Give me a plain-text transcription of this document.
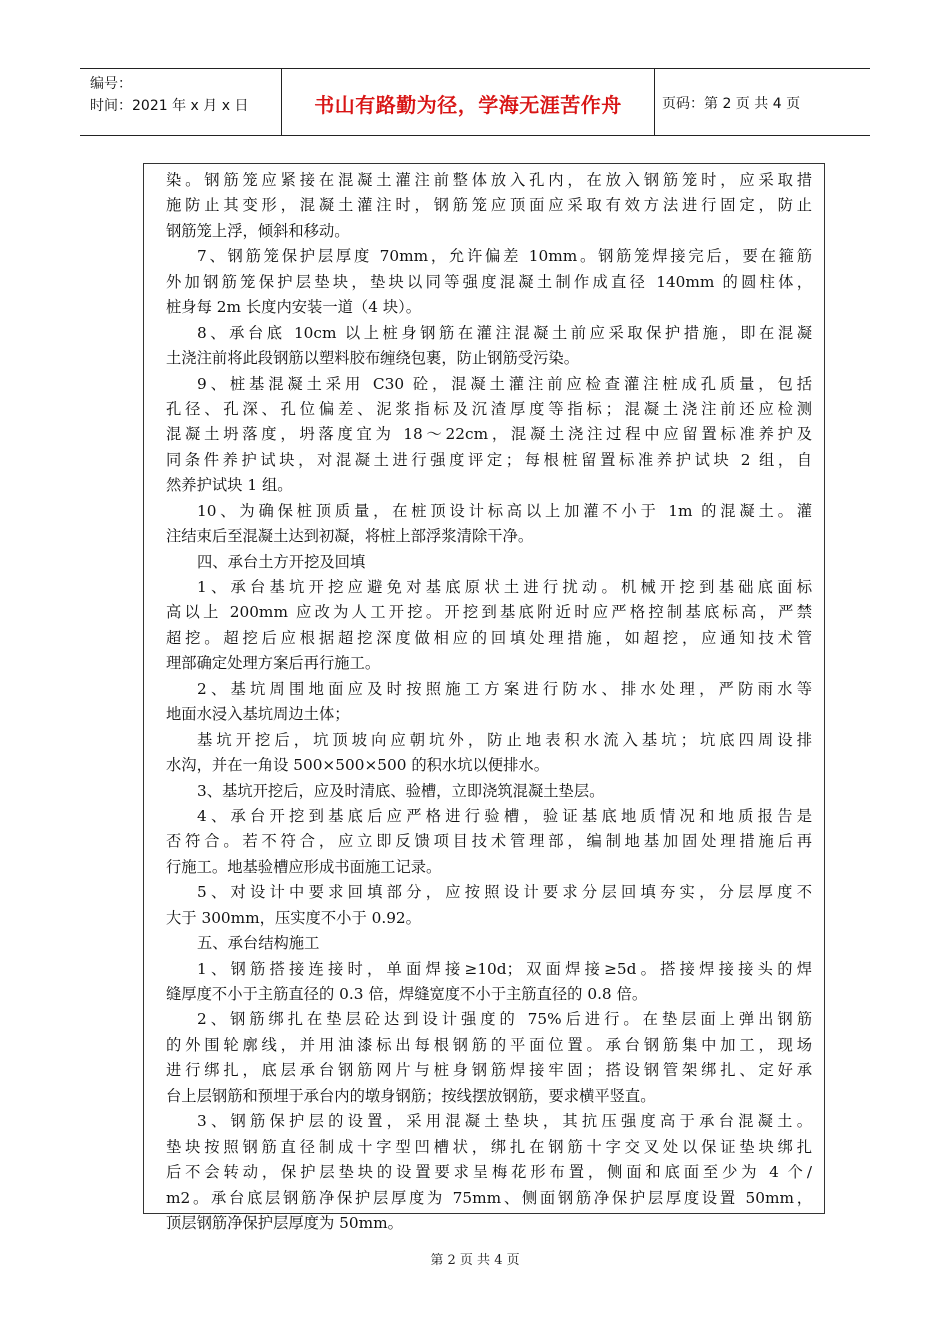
编号：
时间：2021 年 x 月 x 日	书山有路勤为径，学海无涯苦作舟	页码：第 2 页 共 4 页
染。钢筋笼应紧接在混凝土灌注前整体放入孔内，在放入钢筋笼时，应采取措
施防止其变形，混凝土灌注时，钢筋笼应顶面应采取有效方法进行固定，防止
钢筋笼上浮，倾斜和移动。
7、钢筋笼保护层厚度 70mm，允许偏差 10mm。钢筋笼焊接完后，要在箍筋
外加钢筋笼保护层垫块，垫块以同等强度混凝土制作成直径 140mm 的圆柱体，
桩身每 2m 长度内安装一道（4 块）。
8、承台底 10cm 以上桩身钢筋在灌注混凝土前应采取保护措施，即在混凝
土浇注前将此段钢筋以塑料胶布缠绕包裹，防止钢筋受污染。
9、桩基混凝土采用 C30 砼，混凝土灌注前应检查灌注桩成孔质量，包括
孔径、孔深、孔位偏差、泥浆指标及沉渣厚度等指标；混凝土浇注前还应检测
混凝土坍落度，坍落度宜为 18～22cm，混凝土浇注过程中应留置标准养护及
同条件养护试块，对混凝土进行强度评定；每根桩留置标准养护试块 2 组，自
然养护试块 1 组。
10、为确保桩顶质量，在桩顶设计标高以上加灌不小于 1m 的混凝土。灌
注结束后至混凝土达到初凝，将桩上部浮浆清除干净。
四、承台土方开挖及回填
1、承台基坑开挖应避免对基底原状土进行扰动。机械开挖到基础底面标
高以上 200mm 应改为人工开挖。开挖到基底附近时应严格控制基底标高，严禁
超挖。超挖后应根据超挖深度做相应的回填处理措施，如超挖，应通知技术管
理部确定处理方案后再行施工。
2、基坑周围地面应及时按照施工方案进行防水、排水处理，严防雨水等
地面水浸入基坑周边土体；
基坑开挖后，坑顶坡向应朝坑外，防止地表积水流入基坑；坑底四周设排
水沟，并在一角设 500×500×500 的积水坑以便排水。
3、基坑开挖后，应及时清底、验槽，立即浇筑混凝土垫层。
4、承台开挖到基底后应严格进行验槽，验证基底地质情况和地质报告是
否符合。若不符合，应立即反馈项目技术管理部，编制地基加固处理措施后再
行施工。地基验槽应形成书面施工记录。
5、对设计中要求回填部分，应按照设计要求分层回填夯实，分层厚度不
大于 300mm，压实度不小于 0.92。
五、承台结构施工
1、钢筋搭接连接时，单面焊接≥10d；双面焊接≥5d。搭接焊接接头的焊
缝厚度不小于主筋直径的 0.3 倍，焊缝宽度不小于主筋直径的 0.8 倍。
2、钢筋绑扎在垫层砼达到设计强度的 75%后进行。在垫层面上弹出钢筋
的外围轮廓线，并用油漆标出每根钢筋的平面位置。承台钢筋集中加工，现场
进行绑扎，底层承台钢筋网片与桩身钢筋焊接牢固；搭设钢管架绑扎、定好承
台上层钢筋和预埋于承台内的墩身钢筋；按线摆放钢筋，要求横平竖直。
3、钢筋保护层的设置，采用混凝土垫块，其抗压强度高于承台混凝土。
垫块按照钢筋直径制成十字型凹槽状，绑扎在钢筋十字交叉处以保证垫块绑扎
后不会转动，保护层垫块的设置要求呈梅花形布置，侧面和底面至少为 4 个/
m2。承台底层钢筋净保护层厚度为 75mm、侧面钢筋净保护层厚度设置 50mm，
顶层钢筋净保护层厚度为 50mm。
第 2 页 共 4 页
